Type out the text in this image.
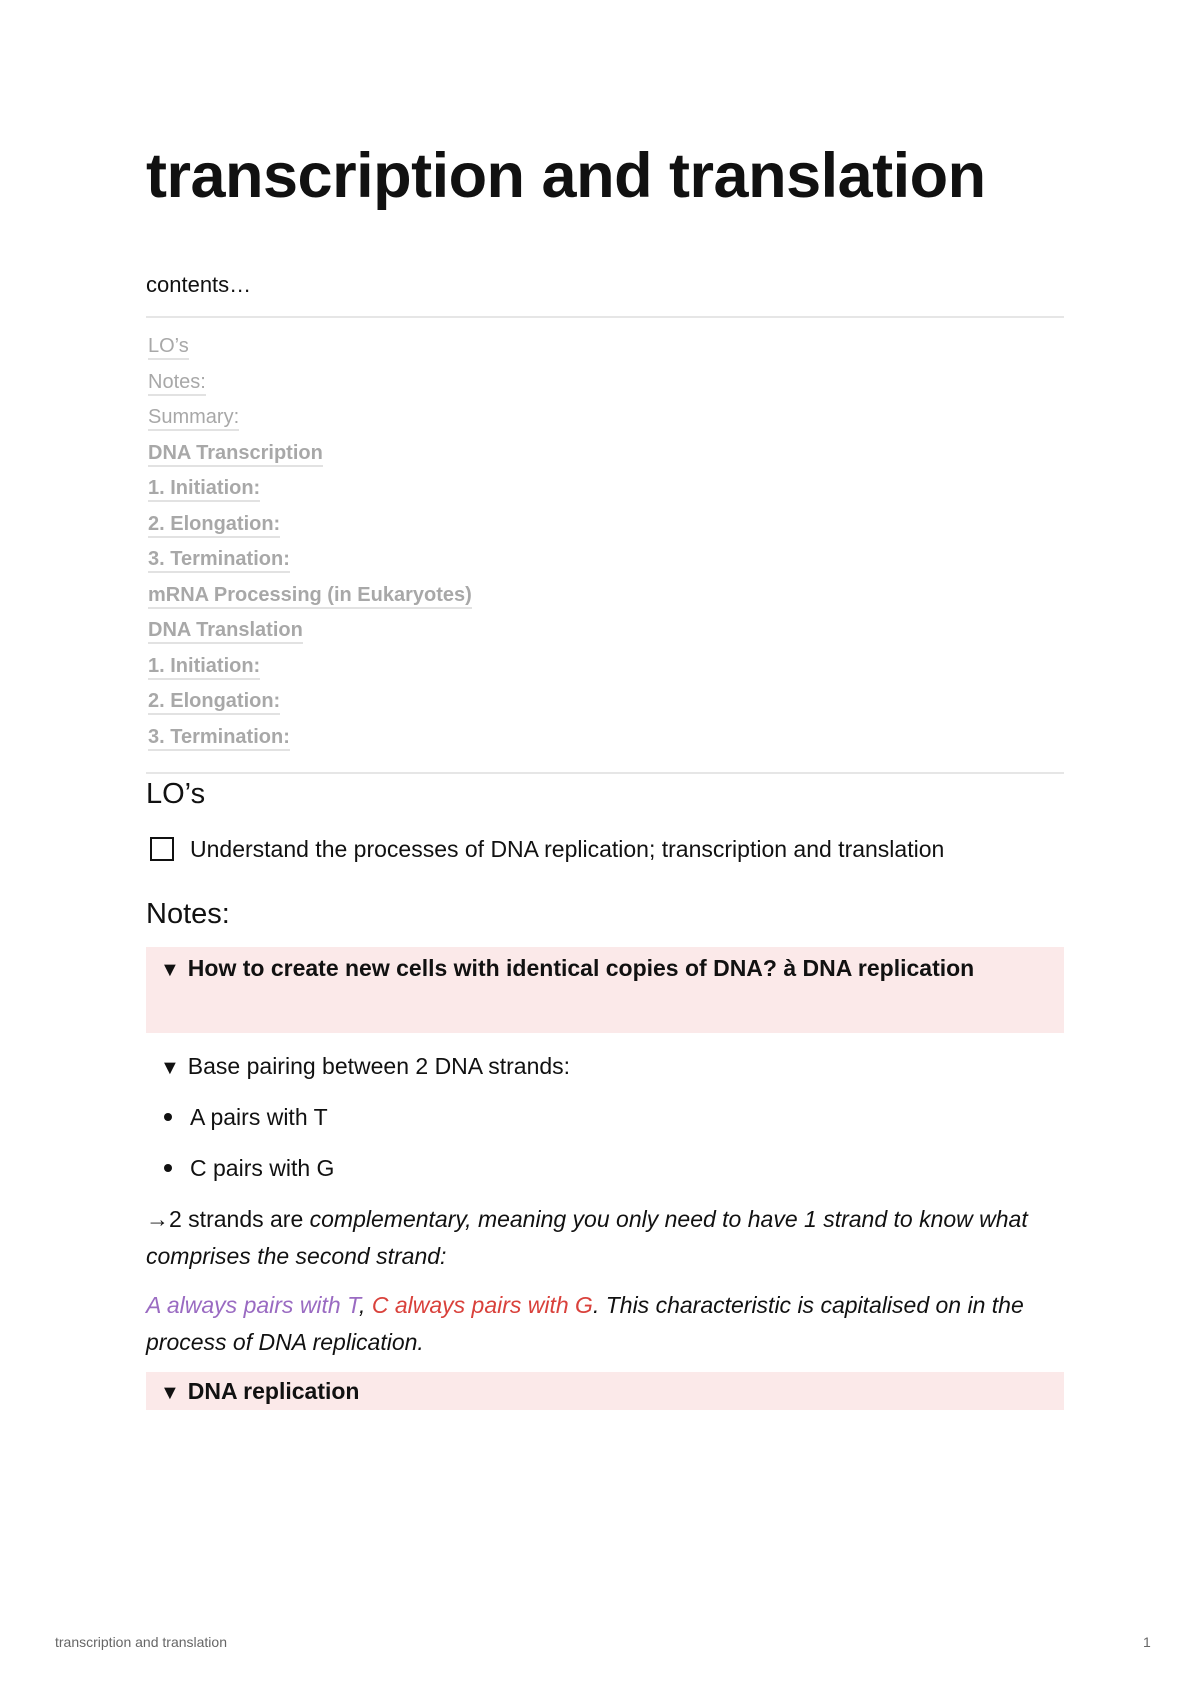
transcription and translation
contents…
LO’s
Notes:
Summary:
DNA Transcription
1. Initiation:
2. Elongation:
3. Termination:
mRNA Processing (in Eukaryotes)
DNA Translation
1. Initiation:
2. Elongation:
3. Termination:
LO’s
Understand the processes of DNA replication; transcription and translation
Notes:
▼ How to create new cells with identical copies of DNA? à DNA replication
▼ Base pairing between 2 DNA strands:
A pairs with T
C pairs with G

→2 strands are complementary, meaning you only need to have 1 strand to know what comprises the second strand:

A always pairs with T, C always pairs with G. This characteristic is capitalised on in the process of DNA replication.

▼ DNA replication
transcription and translation	1
